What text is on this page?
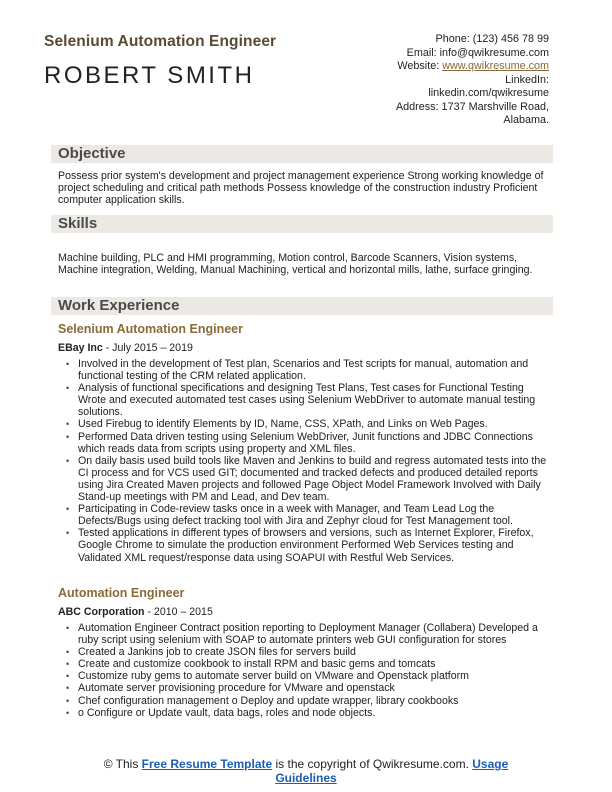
Selenium Automation Engineer
ROBERT SMITH
Phone: (123) 456 78 99
Email: info@qwikresume.com
Website: www.qwikresume.com
LinkedIn:
linkedin.com/qwikresume
Address: 1737 Marshville Road,
Alabama.
Objective
Possess prior system's development and project management experience Strong working knowledge of project scheduling and critical path methods Possess knowledge of the construction industry Proficient computer application skills.
Skills
Machine building, PLC and HMI programming, Motion control, Barcode Scanners, Vision systems, Machine integration, Welding, Manual Machining, vertical and horizontal mills, lathe, surface gringing.
Work Experience
Selenium Automation Engineer
EBay Inc - July 2015 – 2019
• Involved in the development of Test plan, Scenarios and Test scripts for manual, automation and functional testing of the CRM related application.
• Analysis of functional specifications and designing Test Plans, Test cases for Functional Testing Wrote and executed automated test cases using Selenium WebDriver to automate manual testing solutions.
• Used Firebug to identify Elements by ID, Name, CSS, XPath, and Links on Web Pages.
• Performed Data driven testing using Selenium WebDriver, Junit functions and JDBC Connections which reads data from scripts using property and XML files.
• On daily basis used build tools like Maven and Jenkins to build and regress automated tests into the CI process and for VCS used GIT; documented and tracked defects and produced detailed reports using Jira Created Maven projects and followed Page Object Model Framework Involved with Daily Stand-up meetings with PM and Lead, and Dev team.
• Participating in Code-review tasks once in a week with Manager, and Team Lead Log the Defects/Bugs using defect tracking tool with Jira and Zephyr cloud for Test Management tool.
• Tested applications in different types of browsers and versions, such as Internet Explorer, Firefox, Google Chrome to simulate the production environment Performed Web Services testing and Validated XML request/response data using SOAPUI with Restful Web Services.
Automation Engineer
ABC Corporation - 2010 – 2015
• Automation Engineer Contract position reporting to Deployment Manager (Collabera) Developed a ruby script using selenium with SOAP to automate printers web GUI configuration for stores
• Created a Jankins job to create JSON files for servers build
• Create and customize cookbook to install RPM and basic gems and tomcats
• Customize ruby gems to automate server build on VMware and Openstack platform
• Automate server provisioning procedure for VMware and openstack
• Chef configuration management o Deploy and update wrapper, library cookbooks
• o Configure or Update vault, data bags, roles and node objects.
© This Free Resume Template is the copyright of Qwikresume.com. Usage
Guidelines
